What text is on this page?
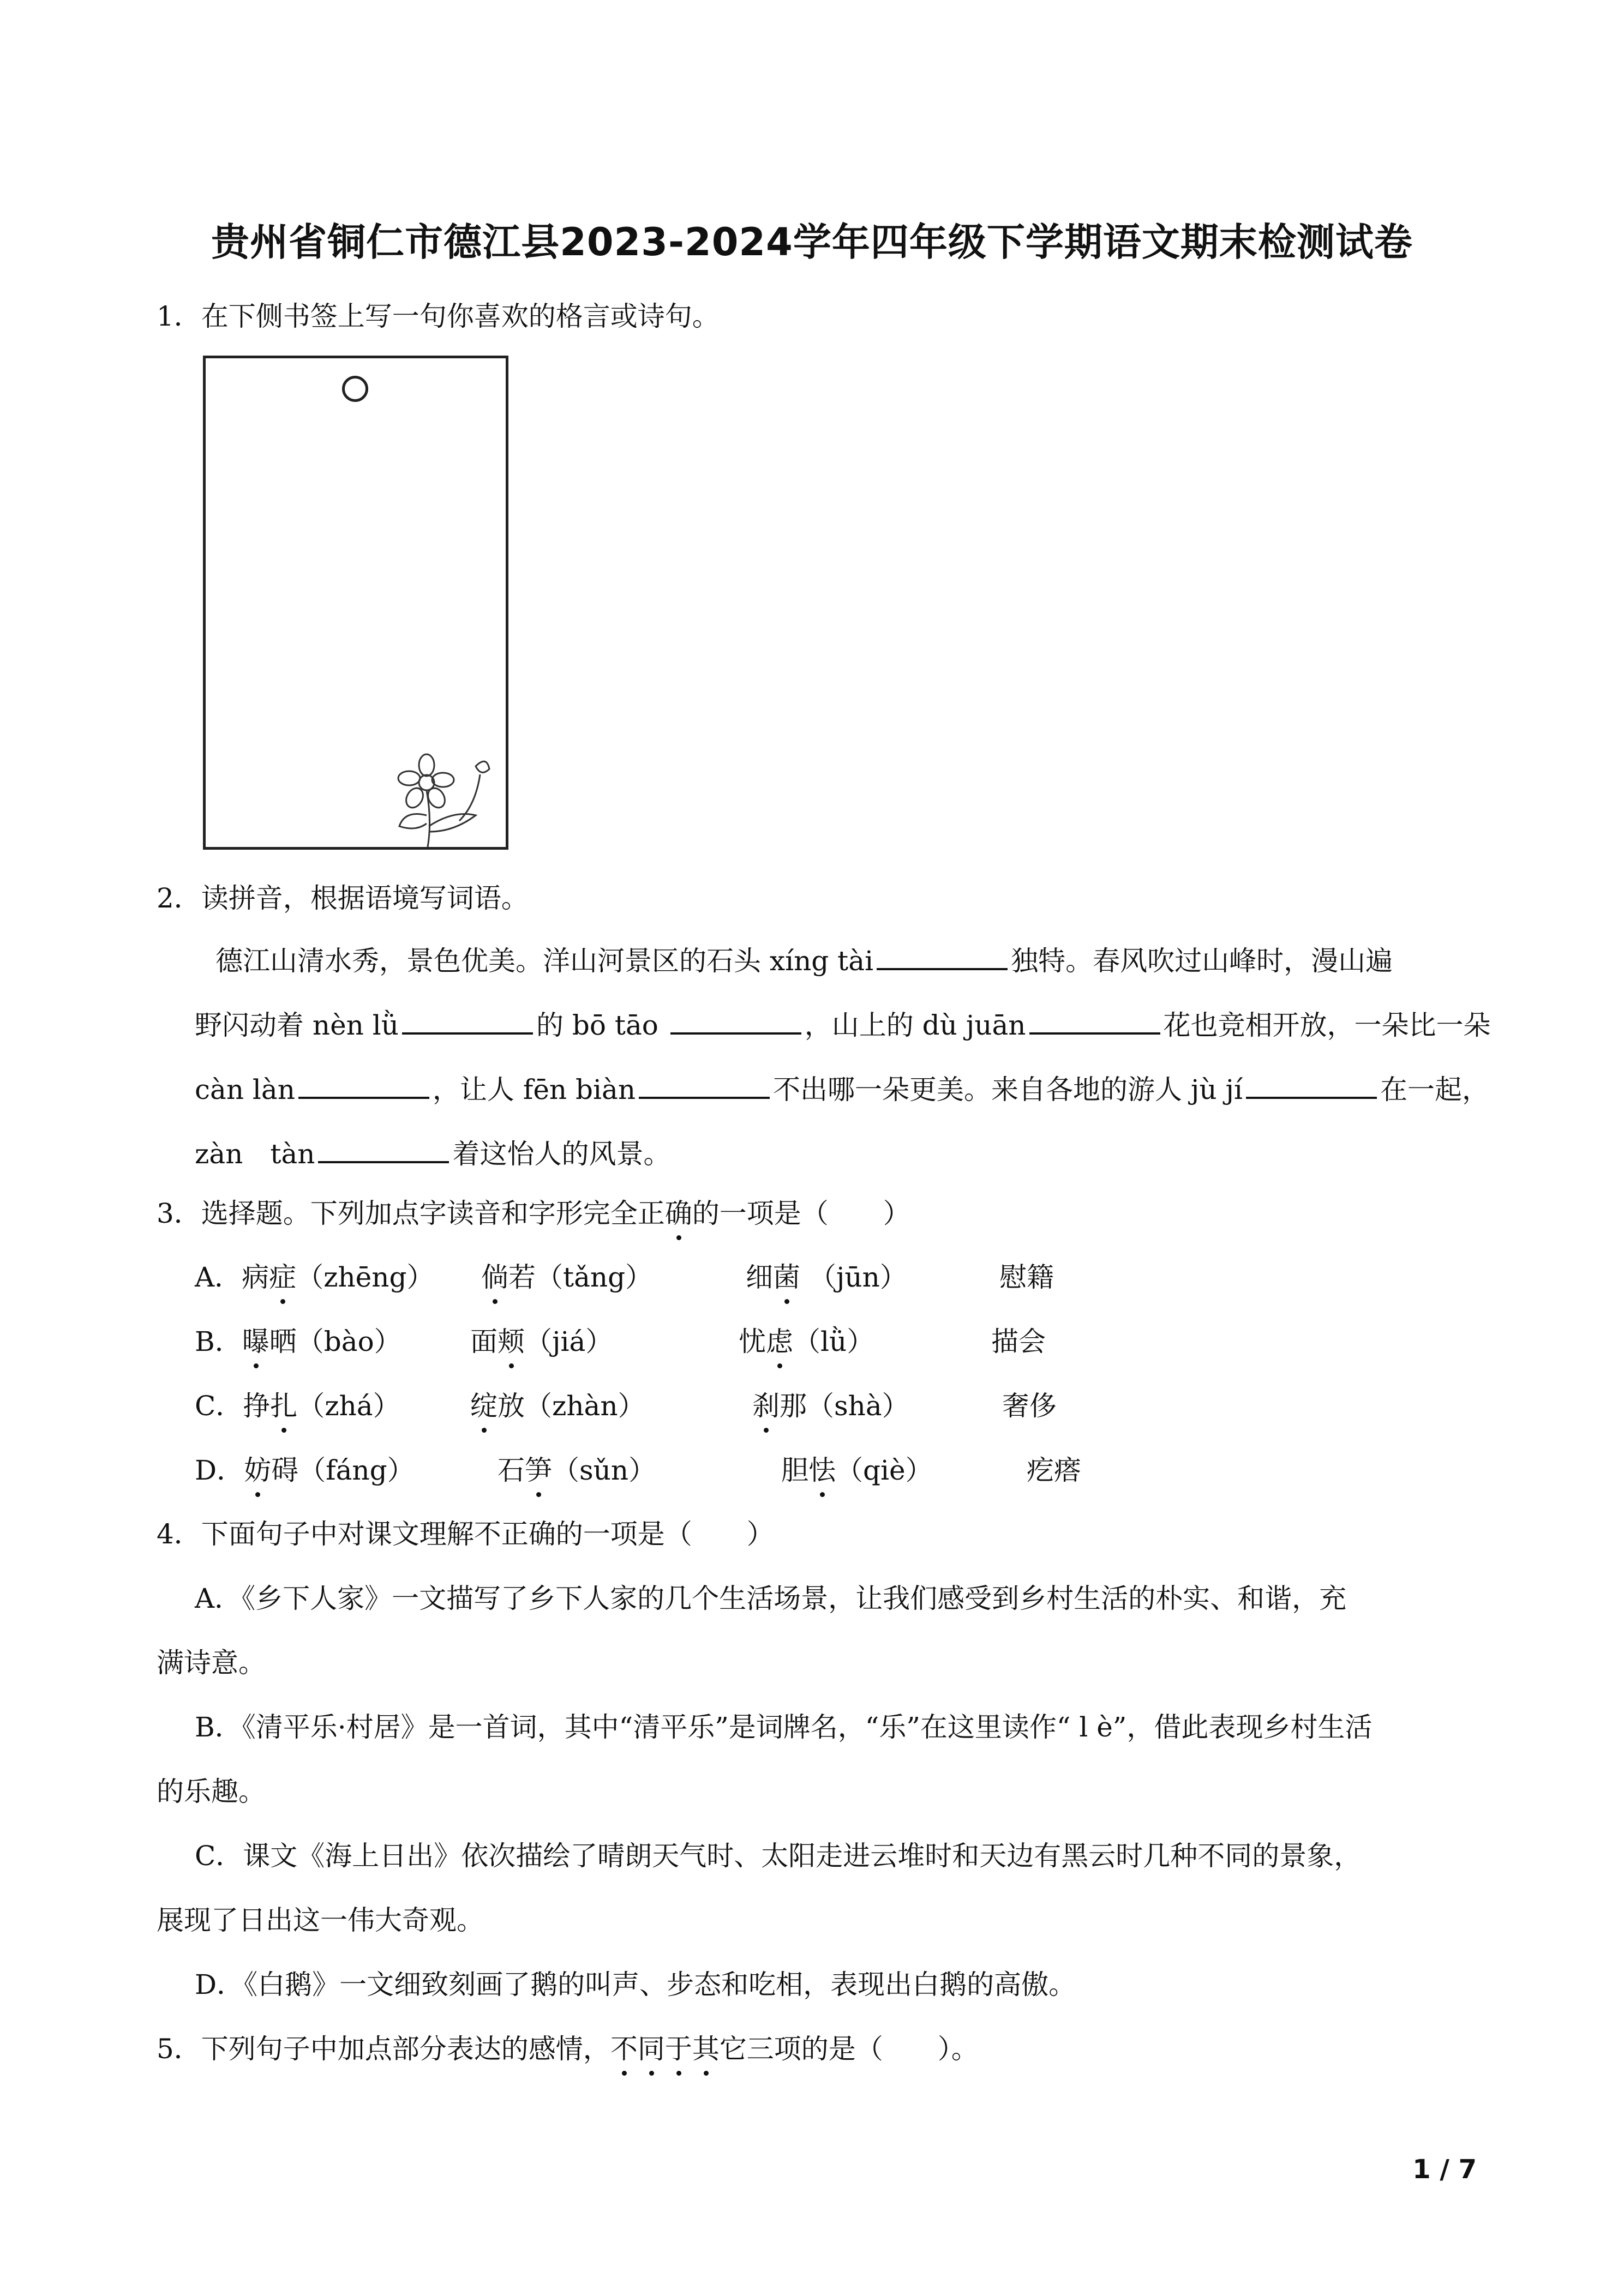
贵州省铜仁市德江县2023-2024学年四年级下学期语文期末检测试卷
1．在下侧书签上写一句你喜欢的格言或诗句。
2．读拼音，根据语境写词语。
德江山清水秀，景色优美。洋山河景区的石头 xíng tài	独特。春风吹过山峰时，漫山遍
野闪动着 nèn lǜ	的 bō tāo	，山上的 dù juān	花也竞相开放，一朵比一朵
càn làn	，让人 fēn biàn	不出哪一朵更美。来自各地的游人 jù jí	在一起，
zàn　tàn	着这怡人的风景。
3．选择题。下列加点字读音和字形完全正确的一项是（　　）
A．病症（zhēng） 倘若（tǎng）	细菌 （jūn）	慰籍
B．曝晒（bào）	面颊（jiá）	忧虑（lǜ）	描会
C．挣扎（zhá）	绽放（zhàn）	刹那（shà）	奢侈
D．妨碍（fáng）	石笋（sǔn）	胆怯（qiè）	疙瘩
4．下面句子中对课文理解不正确的一项是（　　）
A．《乡下人家》一文描写了乡下人家的几个生活场景，让我们感受到乡村生活的朴实、和谐，充
满诗意。
B．《清平乐·村居》是一首词，其中“清平乐”是词牌名，“乐”在这里读作“ l è”，借此表现乡村生活
的乐趣。
C．课文《海上日出》依次描绘了晴朗天气时、太阳走进云堆时和天边有黑云时几种不同的景象，
展现了日出这一伟大奇观。
D．《白鹅》一文细致刻画了鹅的叫声、步态和吃相，表现出白鹅的高傲。
5．下列句子中加点部分表达的感情，不同于其它三项的是（　　）。
1 / 7
